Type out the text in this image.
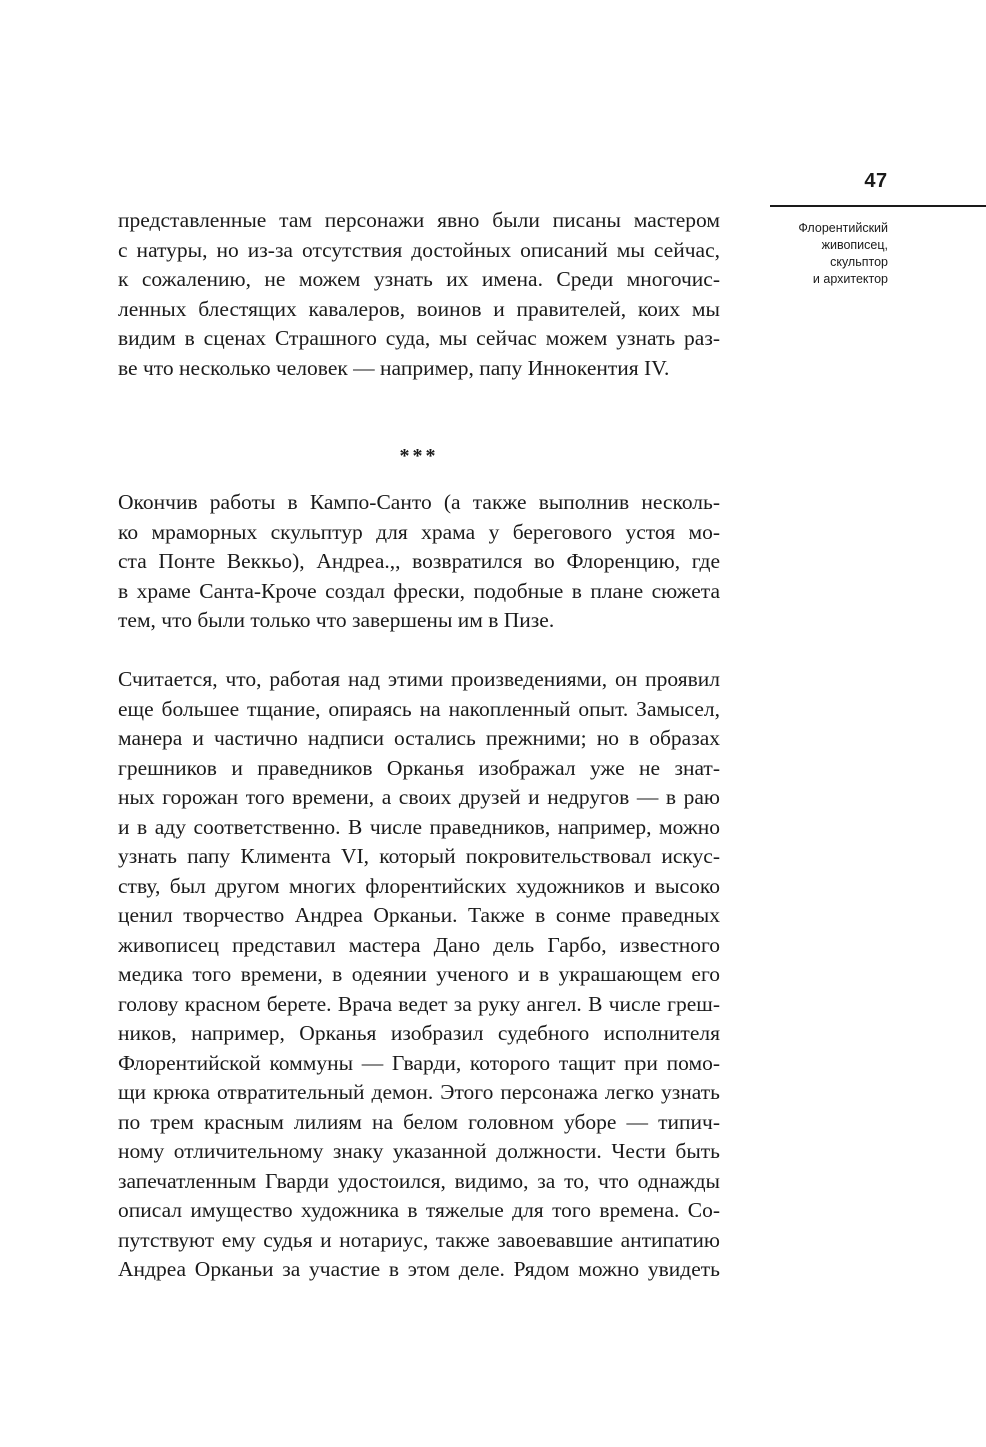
47
Флорентийский
живописец,
скульптор
и архитектор
представленные там персонажи явно были писаны мастером
с натуры, но из-за отсутствия достойных описаний мы сейчас,
к сожалению, не можем узнать их имена. Среди многочис-
ленных блестящих кавалеров, воинов и правителей, коих мы
видим в сценах Страшного суда, мы сейчас можем узнать раз-
ве что несколько человек — например, папу Иннокентия IV.
***
Окончив работы в Кампо-Санто (а также выполнив несколь-
ко мраморных скульптур для храма у берегового устоя мо-
ста Понте Веккьо), Андреа.,, возвратился во Флоренцию, где
в храме Санта-Кроче создал фрески, подобные в плане сюжета
тем, что были только что завершены им в Пизе.
Считается, что, работая над этими произведениями, он проявил
еще большее тщание, опираясь на накопленный опыт. Замысел,
манера и частично надписи остались прежними; но в образах
грешников и праведников Орканья изображал уже не знат-
ных горожан того времени, а своих друзей и недругов — в раю
и в аду соответственно. В числе праведников, например, можно
узнать папу Климента VI, который покровительствовал искус-
ству, был другом многих флорентийских художников и высоко
ценил творчество Андреа Орканьи. Также в сонме праведных
живописец представил мастера Дано дель Гарбо, известного
медика того времени, в одеянии ученого и в украшающем его
голову красном берете. Врача ведет за руку ангел. В числе греш-
ников, например, Орканья изобразил судебного исполнителя
Флорентийской коммуны — Гварди, которого тащит при помо-
щи крюка отвратительный демон. Этого персонажа легко узнать
по трем красным лилиям на белом головном уборе — типич-
ному отличительному знаку указанной должности. Чести быть
запечатленным Гварди удостоился, видимо, за то, что однажды
описал имущество художника в тяжелые для того времена. Со-
путствуют ему судья и нотариус, также завоевавшие антипатию
Андреа Орканьи за участие в этом деле. Рядом можно увидеть
